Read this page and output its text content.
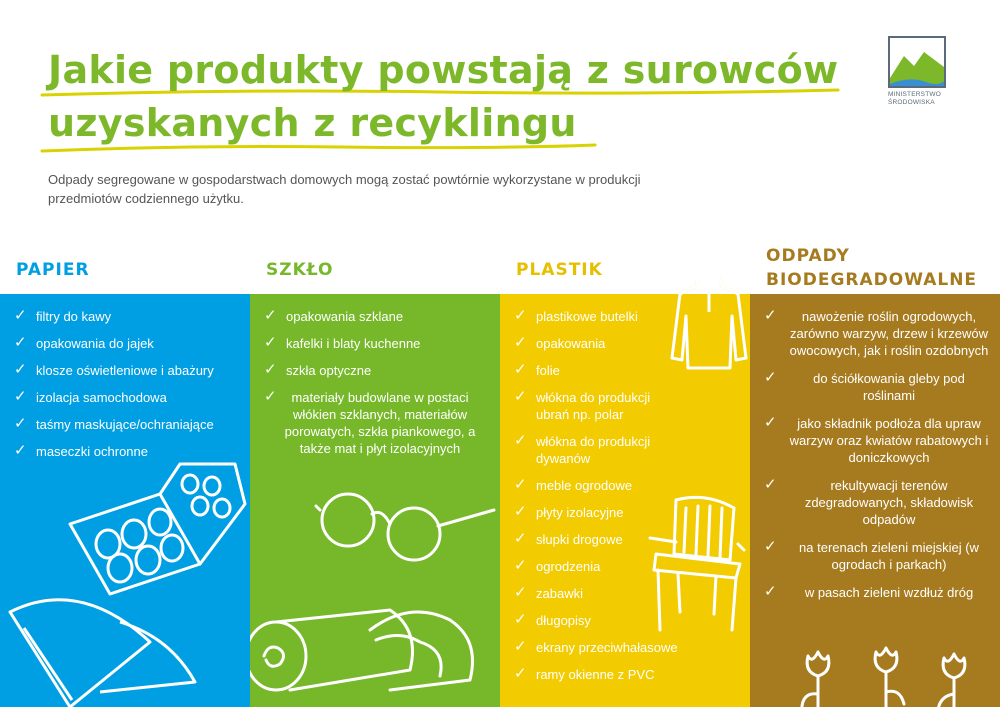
Jakie produkty powstają z surowców
uzyskanych z recyklingu
MINISTERSTWO
ŚRODOWISKA
Odpady segregowane w gospodarstwach domowych mogą zostać powtórnie wykorzystane w produkcji przedmiotów codziennego użytku.
PAPIER	SZKŁO	PLASTIK
ODPADY
BIODEGRADOWALNE
✓ filtry do kawy
✓ opakowania do jajek
✓ klosze oświetleniowe i abażury
✓ izolacja samochodowa
✓ taśmy maskujące/ochraniające
✓ maseczki ochronne
✓ opakowania szklane
✓ kafelki i blaty kuchenne
✓ szkła optyczne
✓ materiały budowlane w postaci włókien szklanych, materiałów porowatych, szkła piankowego, a także mat i płyt izolacyjnych
✓ plastikowe butelki
✓ opakowania
✓ folie
✓ włókna do produkcji ubrań np. polar
✓ włókna do produkcji dywanów
✓ meble ogrodowe
✓ płyty izolacyjne
✓ słupki drogowe
✓ ogrodzenia
✓ zabawki
✓ długopisy
✓ ekrany przeciwhałasowe
✓ ramy okienne z PVC
✓ nawożenie roślin ogrodowych, zarówno warzyw, drzew i krzewów owocowych, jak i roślin ozdobnych
✓	do ściółkowania gleby pod roślinami
✓ jako składnik podłoża dla upraw warzyw oraz kwiatów rabatowych i doniczkowych
✓	rekultywacji terenów zdegradowanych, składowisk odpadów
✓ na terenach zieleni miejskiej (w ogrodach i parkach)
✓ w pasach zieleni wzdłuż dróg
